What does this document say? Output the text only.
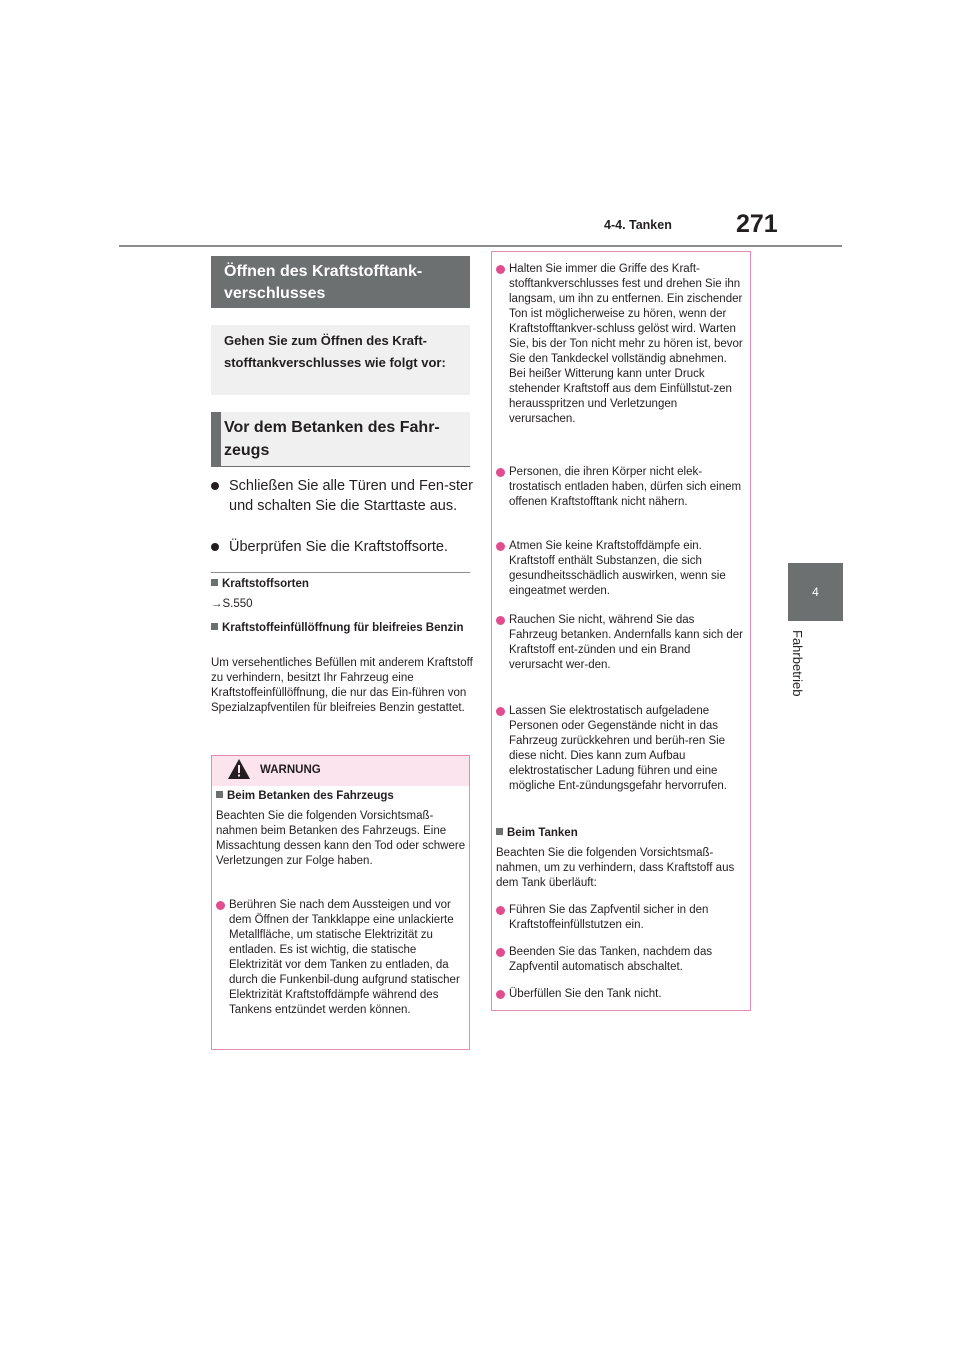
4-4. Tanken	271
4
Fahrbetrieb
Öffnen des Kraftstofftank-verschlusses
Gehen Sie zum Öffnen des Kraft-stofftankverschlusses wie folgt vor:
Vor dem Betanken des Fahr-zeugs
Schließen Sie alle Türen und Fen-ster und schalten Sie die Starttaste aus.
Überprüfen Sie die Kraftstoffsorte.
Kraftstoffsorten
→S.550
Kraftstoffeinfüllöffnung für bleifreies Benzin
Um versehentliches Befüllen mit anderem Kraftstoff zu verhindern, besitzt Ihr Fahrzeug eine Kraftstoffeinfüllöffnung, die nur das Ein-führen von Spezialzapfventilen für bleifreies Benzin gestattet.
WARNUNG
Beim Betanken des Fahrzeugs
Beachten Sie die folgenden Vorsichtsmaß-nahmen beim Betanken des Fahrzeugs. Eine Missachtung dessen kann den Tod oder schwere Verletzungen zur Folge haben.
Berühren Sie nach dem Aussteigen und vor dem Öffnen der Tankklappe eine unlackierte Metallfläche, um statische Elektrizität zu entladen. Es ist wichtig, die statische Elektrizität vor dem Tanken zu entladen, da durch die Funkenbil-dung aufgrund statischer Elektrizität Kraftstoffdämpfe während des Tankens entzündet werden können.
Halten Sie immer die Griffe des Kraft-stofftankverschlusses fest und drehen Sie ihn langsam, um ihn zu entfernen. Ein zischender Ton ist möglicherweise zu hören, wenn der Kraftstofftankver-schluss gelöst wird. Warten Sie, bis der Ton nicht mehr zu hören ist, bevor Sie den Tankdeckel vollständig abnehmen. Bei heißer Witterung kann unter Druck stehender Kraftstoff aus dem Einfüllstut-zen herausspritzen und Verletzungen verursachen.
Personen, die ihren Körper nicht elek-trostatisch entladen haben, dürfen sich einem offenen Kraftstofftank nicht nähern.
Atmen Sie keine Kraftstoffdämpfe ein. Kraftstoff enthält Substanzen, die sich gesundheitsschädlich auswirken, wenn sie eingeatmet werden.
Rauchen Sie nicht, während Sie das Fahrzeug betanken. Andernfalls kann sich der Kraftstoff ent-zünden und ein Brand verursacht wer-den.
Lassen Sie elektrostatisch aufgeladene Personen oder Gegenstände nicht in das Fahrzeug zurückkehren und berüh-ren Sie diese nicht. Dies kann zum Aufbau elektrostatischer Ladung führen und eine mögliche Ent-zündungsgefahr hervorrufen.
Beim Tanken
Beachten Sie die folgenden Vorsichtsmaß-nahmen, um zu verhindern, dass Kraftstoff aus dem Tank überläuft:
Führen Sie das Zapfventil sicher in den Kraftstoffeinfüllstutzen ein.
Beenden Sie das Tanken, nachdem das Zapfventil automatisch abschaltet.
Überfüllen Sie den Tank nicht.
